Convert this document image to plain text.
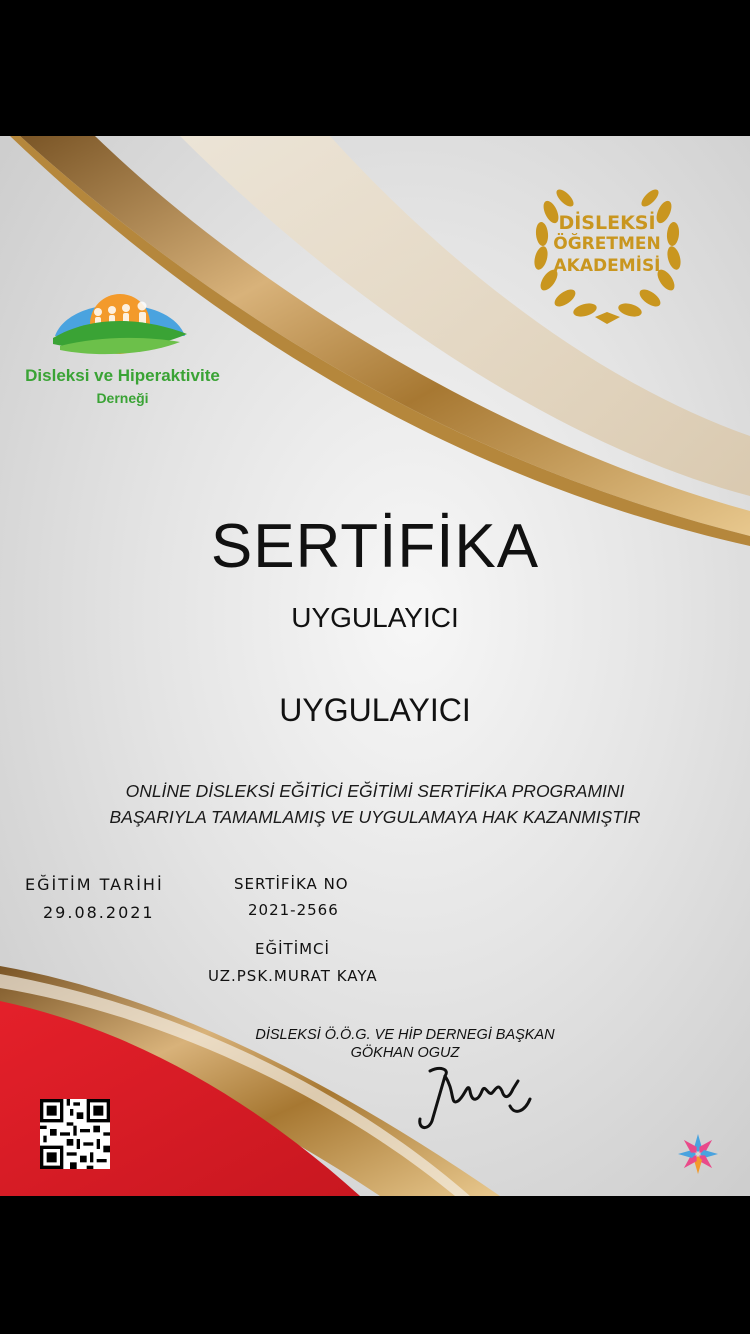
Disleksi ve Hiperaktivite
Derneği
DİSLEKSİ
ÖĞRETMEN
AKADEMİSİ
SERTİFİKA
UYGULAYICI
UYGULAYICI
ONLİNE DİSLEKSİ EĞİTİCİ EĞİTİMİ SERTİFİKA PROGRAMINI
BAŞARIYLA TAMAMLAMIŞ VE UYGULAMAYA HAK KAZANMIŞTIR
EĞİTİM TARİHİ
29.08.2021
SERTİFİKA NO
2021-2566
EĞİTİMCİ
UZ.PSK.MURAT KAYA
DİSLEKSİ Ö.Ö.G. VE HİP DERNEGİ BAŞKAN
GÖKHAN OGUZ
